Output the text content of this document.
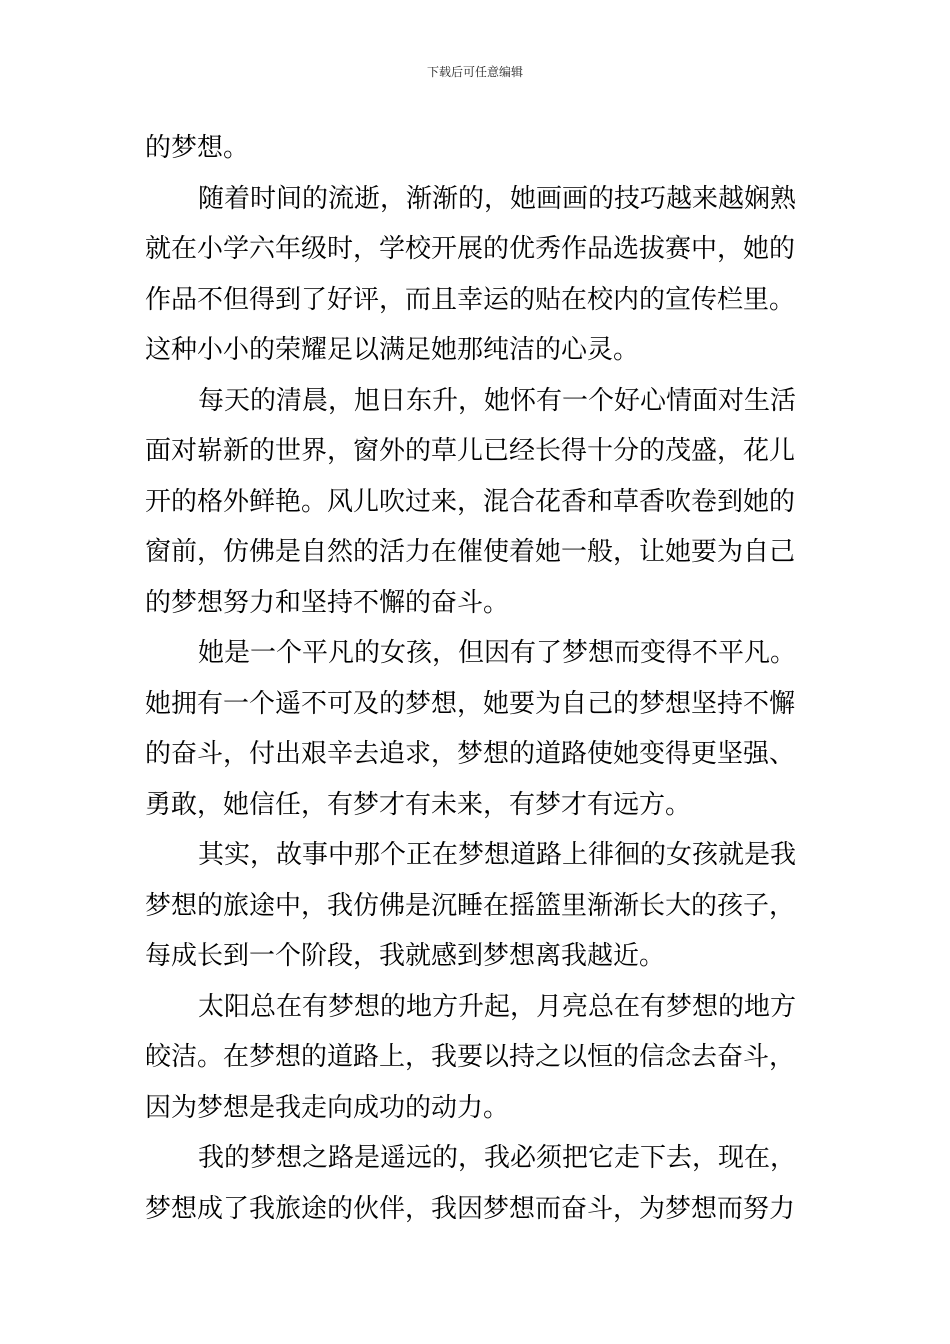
下载后可任意编辑
的梦想。
随着时间的流逝，渐渐的，她画画的技巧越来越娴熟
就在小学六年级时，学校开展的优秀作品选拔赛中，她的
作品不但得到了好评，而且幸运的贴在校内的宣传栏里。
这种小小的荣耀足以满足她那纯洁的心灵。
每天的清晨，旭日东升，她怀有一个好心情面对生活
面对崭新的世界，窗外的草儿已经长得十分的茂盛，花儿
开的格外鲜艳。风儿吹过来，混合花香和草香吹卷到她的
窗前，仿佛是自然的活力在催使着她一般，让她要为自己
的梦想努力和坚持不懈的奋斗。
她是一个平凡的女孩，但因有了梦想而变得不平凡。
她拥有一个遥不可及的梦想，她要为自己的梦想坚持不懈
的奋斗，付出艰辛去追求，梦想的道路使她变得更坚强、
勇敢，她信任，有梦才有未来，有梦才有远方。
其实，故事中那个正在梦想道路上徘徊的女孩就是我
梦想的旅途中，我仿佛是沉睡在摇篮里渐渐长大的孩子，
每成长到一个阶段，我就感到梦想离我越近。
太阳总在有梦想的地方升起，月亮总在有梦想的地方
皎洁。在梦想的道路上，我要以持之以恒的信念去奋斗，
因为梦想是我走向成功的动力。
我的梦想之路是遥远的，我必须把它走下去，现在，
梦想成了我旅途的伙伴，我因梦想而奋斗，为梦想而努力
